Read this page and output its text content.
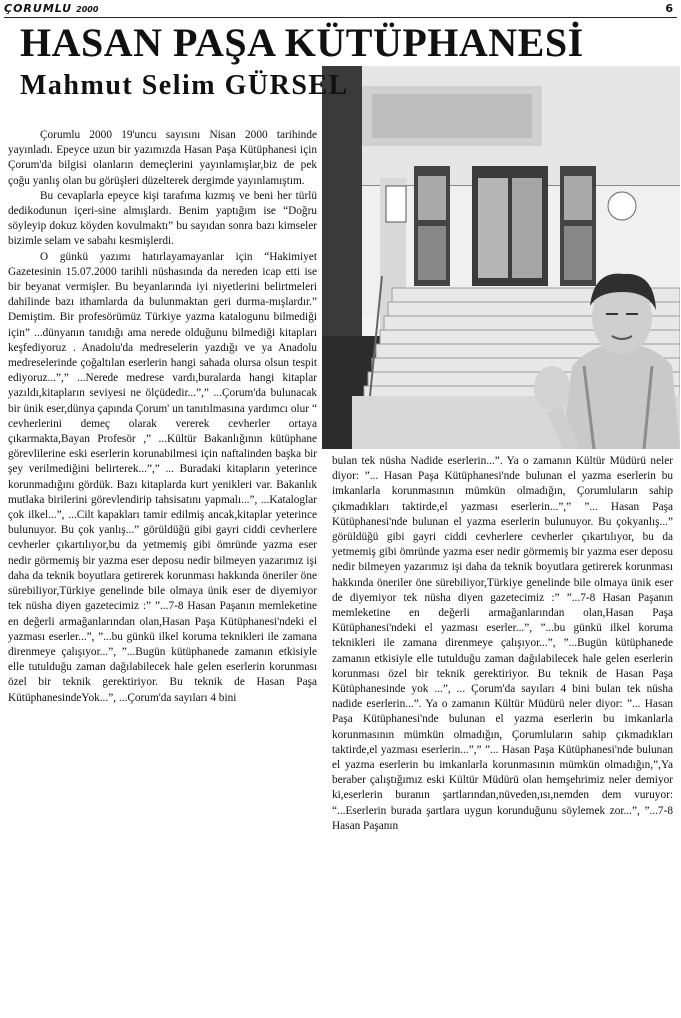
ÇORUMLU 2000	6
HASAN PAŞA KÜTÜPHANESİ
Mahmut Selim GÜRSEL

Çorumlu 2000 19'uncu sayısını Nisan 2000 tarihinde yayınladı. Epeyce uzun bir yazımızda Hasan Paşa Kütüphanesi için Çorum'da bilgisi olanların demeçlerini yayınlamışlar,biz de pek çoğu yanlış olan bu görüşleri düzelterek dergimde yayınlamıştım.

Bu cevaplarla epeyce kişi tarafıma kızmış ve beni her türlü dedikodunun içeri-sine almışlardı. Benim yaptığım ise “Doğru söyleyip dokuz köyden kovulmaktı” bu sayıdan sonra bazı kimseler bizimle selam ve sabahı kesmişlerdi.

O günkü yazımı hatırlayamayanlar için “Hakimiyet Gazetesinin 15.07.2000 tarihli nüshasında da nereden icap etti ise bir beyanat vermişler. Bu beyanlarında iyi niyetlerini belirtmeleri dahilinde bazı ithamlarda da bulunmaktan geri durma-mışlardır.” Demiştim. Bir profesörümüz Türkiye yazma katalogunu bilmediği için” ...dünyanın tanıdığı ama nerede olduğunu bilmediği kitapları keşfediyoruz . Anadolu'da medreselerin yazdığı ve ya Anadolu medreselerinde çoğaltılan eserlerin hangi sahada olursa olsun tespit ediyoruz...”,” ...Nerede medrese vardı,buralarda hangi kitaplar yazıldı,kitapların seviyesi ne ölçüdedir...”,” ...Çorum'da bulunacak bir ünik eser,dünya çapında Çorum' un tanıtılmasına yardımcı olur “ cevherlerini demeç olarak vererek cevherler ortaya çıkarmakta,Bayan Profesör ,” ...Kültür Bakanlığının kütüphane görevlilerine eski eserlerin korunabilmesi için naftalinden başka bir şey verilmediğini belirterek...”,” ... Buradaki kitapların yeterince korunmadığını gördük. Bazı kitaplarda kurt yenikleri var. Bakanlık mutlaka birilerini görevlendirip tahsisatını yapmalı...”, ...Kataloglar çok ilkel...”, ...Cilt kapakları tamir edilmiş ancak,kitaplar yeterince bulunuyor. Bu çok yanlış...” görüldüğü gibi gayri ciddi cevherlere cevherler çıkartılıyor,bu da yetmemiş gibi ömründe yazma eser nedir görmemiş bir yazma eser deposu nedir bilmeyen yazarımız işi daha da teknik boyutlara getirerek korunması hakkında öneriler öne sürebiliyor,Türkiye genelinde bile olmaya ünik eser de diyemiyor tek nüsha diyen gazetecimiz :” ”...7-8 Hasan Paşanın memleketine en değerli armağanlarından olan,Hasan Paşa Kütüphanesi'ndeki el yazması eserler...”, ”...bu günkü ilkel koruma teknikleri ile zamana direnmeye çalışıyor...”, ”...Bugün kütüphanede zamanın etkisiyle elle tutulduğu zaman dağılabilecek hale gelen eserlerin korunması özel bir teknik gerektiriyor. Bu teknik de Hasan Paşa KütüphanesindeYok...”, ...Çorum'da sayıları 4 bini

bulan tek nüsha Nadide eserlerin...”. Ya o zamanın Kültür Müdürü neler diyor: ”... Hasan Paşa Kütüphanesi'nde bulunan el yazma eserlerin bu imkanlarla korunmasının mümkün olmadığın, Çorumluların sahip çıkmadıkları taktirde,el yazması eserlerin...”,” ”... Hasan Paşa Kütüphanesi'nde bulunan el yazma eserlerin bulunuyor. Bu çokyanlış...” görüldüğü gibi gayri ciddi cevherlere cevherler çıkartılıyor, bu da yetmemiş gibi ömründe yazma eser nedir görmemiş bir yazma eser deposu nedir bilmeyen yazarımız işi daha da teknik boyutlara getirerek korunması hakkında öneriler öne sürebiliyor,Türkiye genelinde bile olmaya ünik eser de diyemiyor tek nüsha diyen gazetecimiz :” ”...7-8 Hasan Paşanın memleketine en değerli armağanlarından olan,Hasan Paşa Kütüphanesi'ndeki el yazması eserler...”, ”...bu günkü ilkel koruma teknikleri ile zamana direnmeye çalışıyor...”, ”...Bugün kütüphanede zamanın etkisiyle elle tutulduğu zaman dağılabilecek hale gelen eserlerin korunması özel bir teknik gerektiriyor. Bu teknik de Hasan Paşa Kütüphanesinde yok ...”, ... Çorum'da sayıları 4 bini bulan tek nüsha nadide eserlerin...”. Ya o zamanın Kültür Müdürü neler diyor: ”... Hasan Paşa Kütüphanesi'nde bulunan el yazma eserlerin bu imkanlarla korunmasının mümkün olmadığın, Çorumluların sahip çıkmadıkları taktirde,el yazması eserlerin...”,” ”... Hasan Paşa Kütüphanesi'nde bulunan el yazma eserlerin bu imkanlarla korunmasının mümkün olmadığın,”,Ya beraber çalıştığımız eski Kültür Müdürü olan hemşehrimiz neler demiyor ki,eserlerin buranın şartlarından,nüveden,ısı,nemden dem vuruyor: “...Eserlerin burada şartlara uygun korunduğunu söylemek zor...”, ”...7-8 Hasan Paşanın
